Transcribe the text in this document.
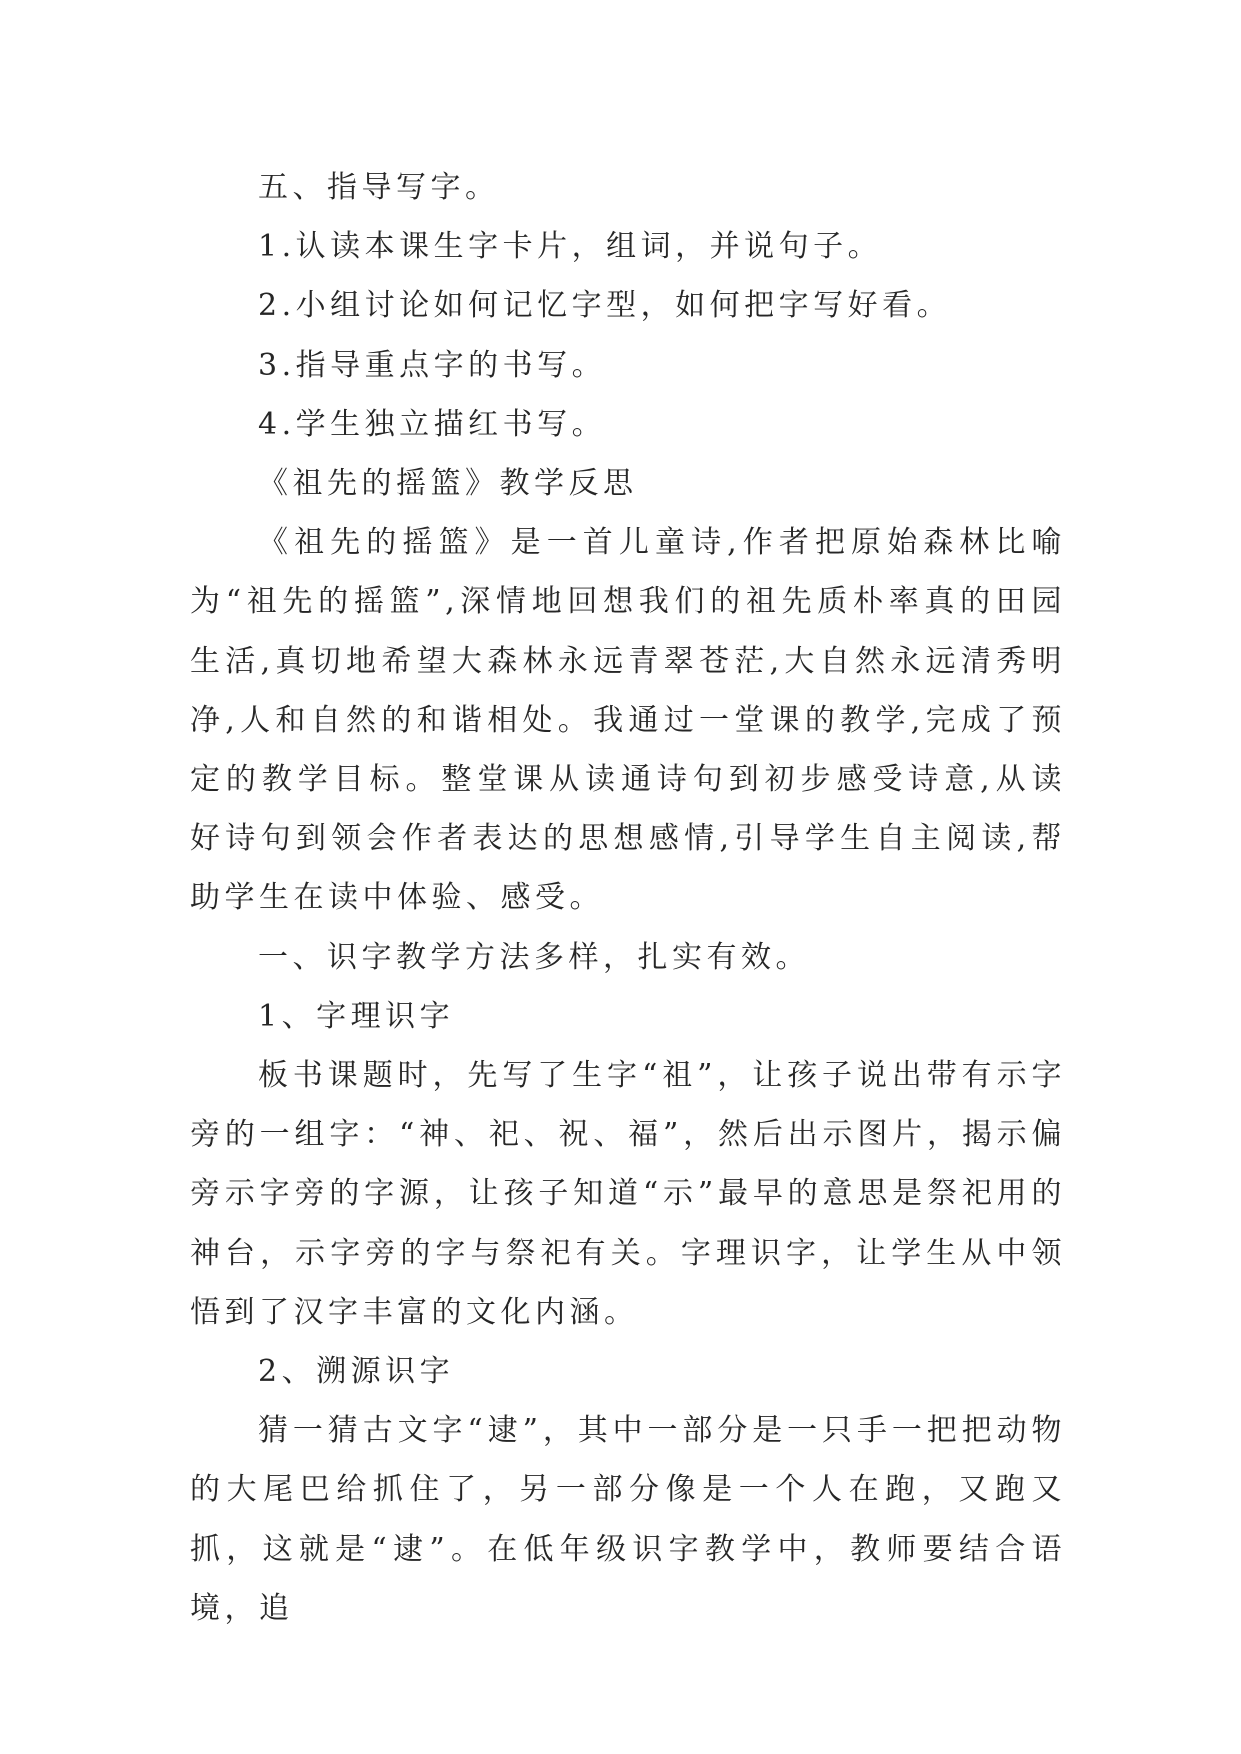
五、指导写字。

1.认读本课生字卡片，组词，并说句子。

2.小组讨论如何记忆字型，如何把字写好看。

3.指导重点字的书写。

4.学生独立描红书写。

《祖先的摇篮》教学反思

《祖先的摇篮》是一首儿童诗,作者把原始森林比喻为“祖先的摇篮”,深情地回想我们的祖先质朴率真的田园生活,真切地希望大森林永远青翠苍茫,大自然永远清秀明净,人和自然的和谐相处。我通过一堂课的教学,完成了预定的教学目标。整堂课从读通诗句到初步感受诗意,从读好诗句到领会作者表达的思想感情,引导学生自主阅读,帮助学生在读中体验、感受。

一、识字教学方法多样，扎实有效。

1、字理识字

板书课题时，先写了生字“祖”，让孩子说出带有示字旁的一组字：“神、祀、祝、福”，然后出示图片，揭示偏旁示字旁的字源，让孩子知道“示”最早的意思是祭祀用的神台，示字旁的字与祭祀有关。字理识字，让学生从中领悟到了汉字丰富的文化内涵。

2、溯源识字

猜一猜古文字“逮”，其中一部分是一只手一把把动物的大尾巴给抓住了，另一部分像是一个人在跑，又跑又抓，这就是“逮”。在低年级识字教学中，教师要结合语境，追
